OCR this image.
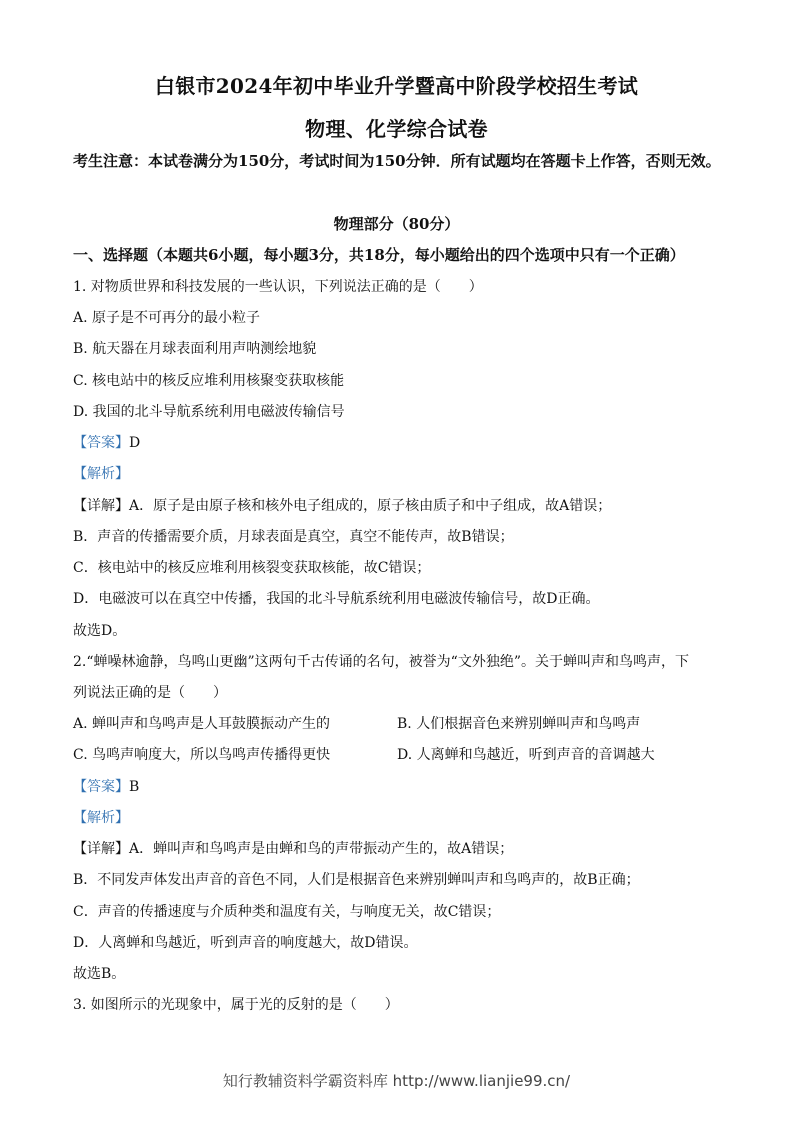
白银市2024年初中毕业升学暨高中阶段学校招生考试
物理、化学综合试卷
考生注意：本试卷满分为150分，考试时间为150分钟．所有试题均在答题卡上作答，否则无效。
物理部分（80分）
一、选择题（本题共6小题，每小题3分，共18分，每小题给出的四个选项中只有一个正确）
1. 对物质世界和科技发展的一些认识，下列说法正确的是（　　）
A. 原子是不可再分的最小粒子
B. 航天器在月球表面利用声呐测绘地貌
C. 核电站中的核反应堆利用核聚变获取核能
D. 我国的北斗导航系统利用电磁波传输信号
【答案】D
【解析】
【详解】A．原子是由原子核和核外电子组成的，原子核由质子和中子组成，故A错误；
B．声音的传播需要介质，月球表面是真空，真空不能传声，故B错误；
C．核电站中的核反应堆利用核裂变获取核能，故C错误；
D．电磁波可以在真空中传播，我国的北斗导航系统利用电磁波传输信号，故D正确。
故选D。
2.“蝉噪林逾静，鸟鸣山更幽”这两句千古传诵的名句，被誉为“文外独绝”。关于蝉叫声和鸟鸣声，下
列说法正确的是（　　）
A. 蝉叫声和鸟鸣声是人耳鼓膜振动产生的	B. 人们根据音色来辨别蝉叫声和鸟鸣声
C. 鸟鸣声响度大，所以鸟鸣声传播得更快	D. 人离蝉和鸟越近，听到声音的音调越大
【答案】B
【解析】
【详解】A．蝉叫声和鸟鸣声是由蝉和鸟的声带振动产生的，故A错误；
B．不同发声体发出声音的音色不同，人们是根据音色来辨别蝉叫声和鸟鸣声的，故B正确；
C．声音的传播速度与介质种类和温度有关，与响度无关，故C错误；
D．人离蝉和鸟越近，听到声音的响度越大，故D错误。
故选B。
3. 如图所示的光现象中，属于光的反射的是（　　）
知行教辅资料学霸资料库 http://www.lianjie99.cn/
